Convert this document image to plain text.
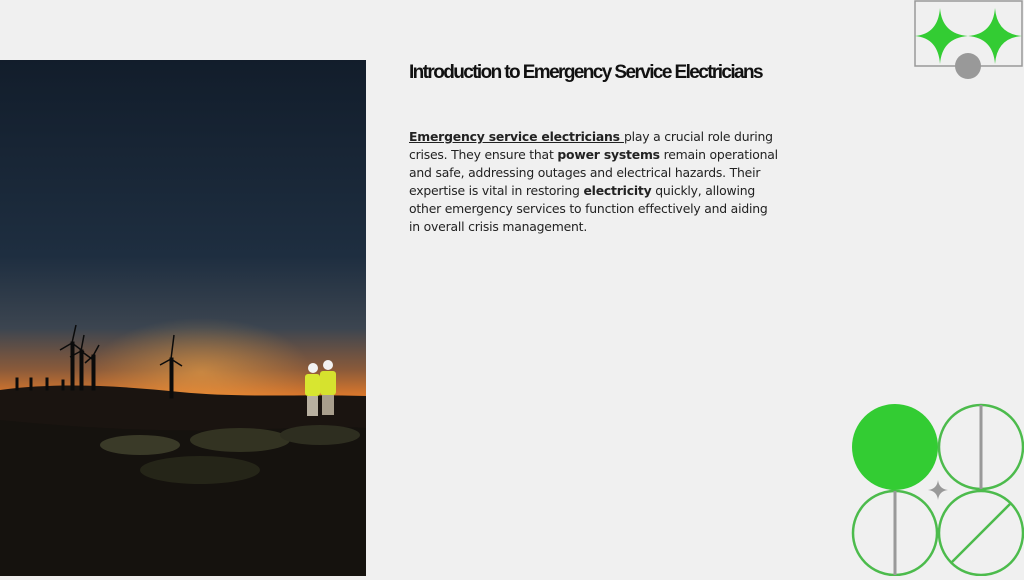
Introduction to Emergency Service Electricians
Emergency service electricians play a crucial role during crises. They ensure that power systems remain operational and safe, addressing outages and electrical hazards. Their expertise is vital in restoring electricity quickly, allowing other emergency services to function effectively and aiding in overall crisis management.
